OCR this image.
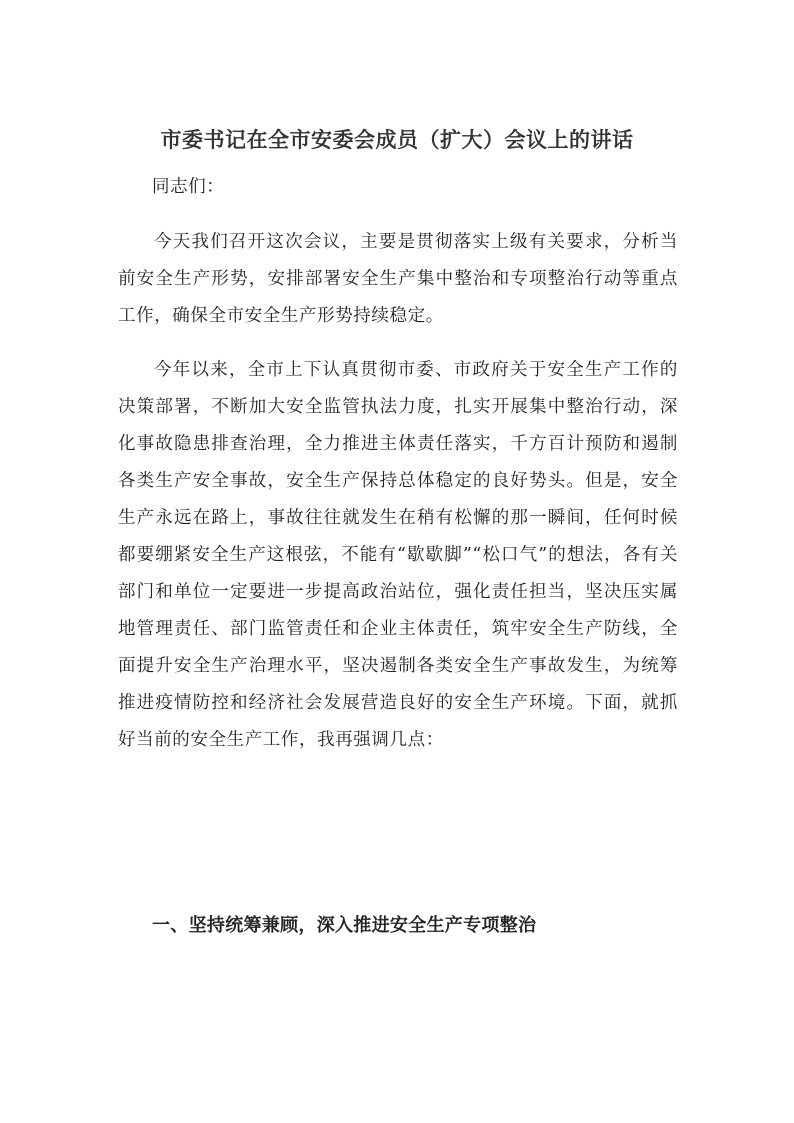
市委书记在全市安委会成员（扩大）会议上的讲话
同志们：
今天我们召开这次会议，主要是贯彻落实上级有关要求，分析当前安全生产形势，安排部署安全生产集中整治和专项整治行动等重点工作，确保全市安全生产形势持续稳定。
今年以来，全市上下认真贯彻市委、市政府关于安全生产工作的决策部署，不断加大安全监管执法力度，扎实开展集中整治行动，深化事故隐患排查治理，全力推进主体责任落实，千方百计预防和遏制各类生产安全事故，安全生产保持总体稳定的良好势头。但是，安全生产永远在路上，事故往往就发生在稍有松懈的那一瞬间，任何时候都要绷紧安全生产这根弦，不能有“歇歇脚”“松口气”的想法，各有关部门和单位一定要进一步提高政治站位，强化责任担当，坚决压实属地管理责任、部门监管责任和企业主体责任，筑牢安全生产防线，全面提升安全生产治理水平，坚决遏制各类安全生产事故发生，为统筹推进疫情防控和经济社会发展营造良好的安全生产环境。下面，就抓好当前的安全生产工作，我再强调几点：
一、坚持统筹兼顾，深入推进安全生产专项整治
